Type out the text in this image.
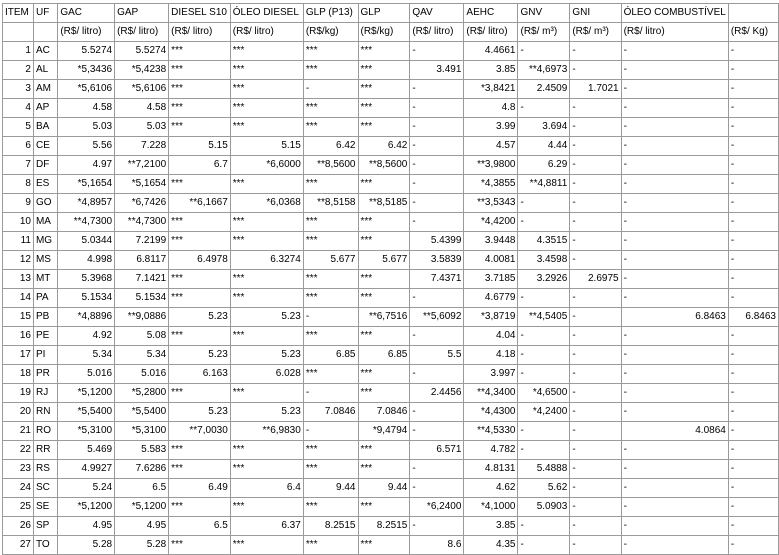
ITEM	UF	GAC	GAP	DIESEL S10	ÓLEO DIESEL	GLP (P13)	GLP	QAV	AEHC	GNV	GNI	ÓLEO COMBUSTÍVEL	
		(R$/ litro)	(R$/ litro)	(R$/ litro)	(R$/ litro)	(R$/kg)	(R$/kg)	(R$/ litro)	(R$/ litro)	(R$/ m³)	(R$/ m³)	(R$/ litro)	(R$/ Kg)
1	AC	5.5274	5.5274	***	***	***	***	-	4.4661	-	-	-	-
2	AL	*5,3436	*5,4238	***	***	***	***	3.491	3.85	**4,6973	-	-	-
3	AM	*5,6106	*5,6106	***	***	-	***	-	*3,8421	2.4509	1.7021	-	-
4	AP	4.58	4.58	***	***	***	***	-	4.8	-	-	-	-
5	BA	5.03	5.03	***	***	***	***	-	3.99	3.694	-	-	-
6	CE	5.56	7.228	5.15	5.15	6.42	6.42	-	4.57	4.44	-	-	-
7	DF	4.97	**7,2100	6.7	*6,6000	**8,5600	**8,5600	-	**3,9800	6.29	-	-	-
8	ES	*5,1654	*5,1654	***	***	***	***	-	*4,3855	**4,8811	-	-	-
9	GO	*4,8957	*6,7426	**6,1667	*6,0368	**8,5158	**8,5185	-	**3,5343	-	-	-	-
10	MA	**4,7300	**4,7300	***	***	***	***	-	*4,4200	-	-	-	-
11	MG	5.0344	7.2199	***	***	***	***	5.4399	3.9448	4.3515	-	-	-
12	MS	4.998	6.8117	6.4978	6.3274	5.677	5.677	3.5839	4.0081	3.4598	-	-	-
13	MT	5.3968	7.1421	***	***	***	***	7.4371	3.7185	3.2926	2.6975	-	-
14	PA	5.1534	5.1534	***	***	***	***	-	4.6779	-	-	-	-
15	PB	*4,8896	**9,0886	5.23	5.23	-	**6,7516	**5,6092	*3,8719	**4,5405	-	6.8463	6.8463
16	PE	4.92	5.08	***	***	***	***	-	4.04	-	-	-	-
17	PI	5.34	5.34	5.23	5.23	6.85	6.85	5.5	4.18	-	-	-	-
18	PR	5.016	5.016	6.163	6.028	***	***	-	3.997	-	-	-	-
19	RJ	*5,1200	*5,2800	***	***	-	***	2.4456	**4,3400	*4,6500	-	-	-
20	RN	*5,5400	*5,5400	5.23	5.23	7.0846	7.0846	-	*4,4300	*4,2400	-	-	-
21	RO	*5,3100	*5,3100	**7,0030	**6,9830	-	*9,4794	-	**4,5330	-	-	4.0864	-
22	RR	5.469	5.583	***	***	***	***	6.571	4.782	-	-	-	-
23	RS	4.9927	7.6286	***	***	***	***	-	4.8131	5.4888	-	-	-
24	SC	5.24	6.5	6.49	6.4	9.44	9.44	-	4.62	5.62	-	-	-
25	SE	*5,1200	*5,1200	***	***	***	***	*6,2400	*4,1000	5.0903	-	-	-
26	SP	4.95	4.95	6.5	6.37	8.2515	8.2515	-	3.85	-	-	-	-
27	TO	5.28	5.28	***	***	***	***	8.6	4.35	-	-	-	-
